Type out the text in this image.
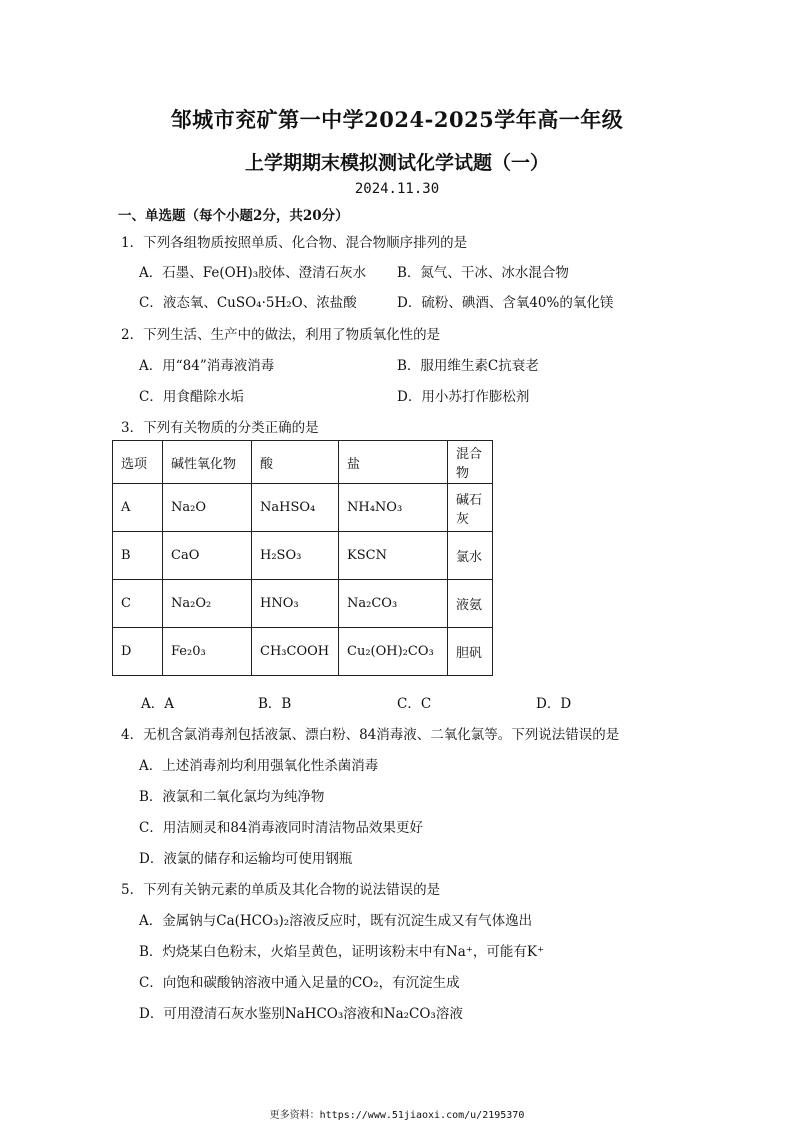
邹城市兖矿第一中学2024-2025学年高一年级
上学期期末模拟测试化学试题（一）
2024.11.30
一、单选题（每个小题2分，共20分）
1．下列各组物质按照单质、化合物、混合物顺序排列的是
A．石墨、Fe(OH)₃胶体、澄清石灰水 B．氮气、干冰、冰水混合物
C．液态氧、CuSO₄·5H₂O、浓盐酸	D．硫粉、碘酒、含氧40%的氧化镁
2．下列生活、生产中的做法，利用了物质氧化性的是
A．用“84”消毒液消毒	B．服用维生素C抗衰老
C．用食醋除水垢	D．用小苏打作膨松剂
3．下列有关物质的分类正确的是
选项	碱性氧化物	酸	盐	混合物
A	Na₂O	NaHSO₄	NH₄NO₃	碱石灰
B	CaO	H₂SO₃	KSCN	氯水
C	Na₂O₂	HNO₃	Na₂CO₃	液氨
D	Fe₂0₃	CH₃COOH	Cu₂(OH)₂CO₃	胆矾
A．A	B．B	C．C	D．D
4．无机含氯消毒剂包括液氯、漂白粉、84消毒液、二氧化氯等。下列说法错误的是
A．上述消毒剂均利用强氧化性杀菌消毒
B．液氯和二氧化氯均为纯净物
C．用洁厕灵和84消毒液同时清洁物品效果更好
D．液氯的储存和运输均可使用钢瓶
5．下列有关钠元素的单质及其化合物的说法错误的是
A．金属钠与Ca(HCO₃)₂溶液反应时，既有沉淀生成又有气体逸出
B．灼烧某白色粉末，火焰呈黄色，证明该粉末中有Na⁺，可能有K⁺
C．向饱和碳酸钠溶液中通入足量的CO₂，有沉淀生成
D．可用澄清石灰水鉴别NaHCO₃溶液和Na₂CO₃溶液
更多资料：https://www.51jiaoxi.com/u/2195370
